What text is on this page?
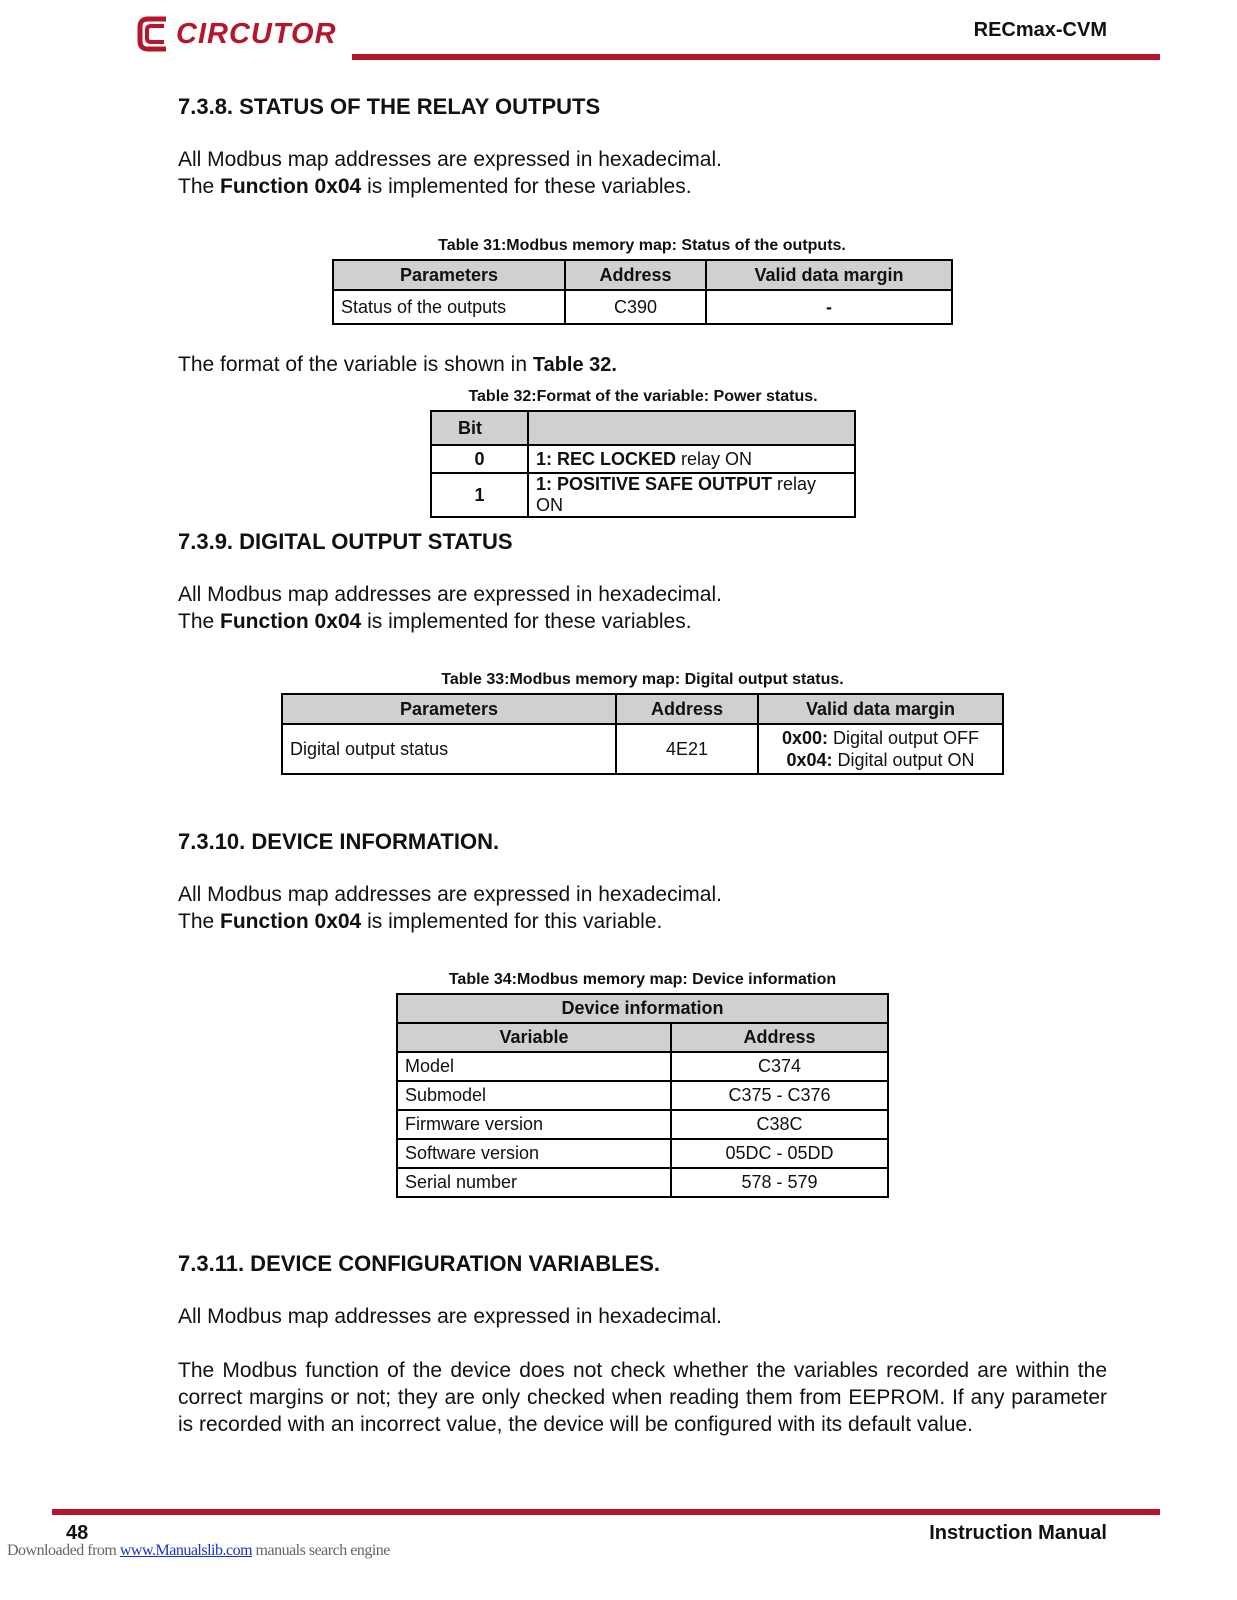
CIRCUTOR	RECmax-CVM
7.3.8. STATUS OF THE RELAY OUTPUTS
All Modbus map addresses are expressed in hexadecimal.
The Function 0x04 is implemented for these variables.
Table 31:Modbus memory map: Status of the outputs.
Parameters	Address	Valid data margin
Status of the outputs	C390	-
The format of the variable is shown in Table 32.
Table 32:Format of the variable: Power status.
Bit	
0	1: REC LOCKED relay ON
1	1: POSITIVE SAFE OUTPUT relay ON
7.3.9. DIGITAL OUTPUT STATUS
All Modbus map addresses are expressed in hexadecimal.
The Function 0x04 is implemented for these variables.
Table 33:Modbus memory map: Digital output status.
Parameters	Address	Valid data margin
Digital output status	4E21	0x00: Digital output OFF
0x04: Digital output ON
7.3.10. DEVICE INFORMATION.
All Modbus map addresses are expressed in hexadecimal.
The Function 0x04 is implemented for this variable.
Table 34:Modbus memory map: Device information
Device information	
Variable	Address
Model	C374
Submodel	C375 - C376
Firmware version	C38C
Software version	05DC - 05DD
Serial number	578 - 579
7.3.11. DEVICE CONFIGURATION VARIABLES.
All Modbus map addresses are expressed in hexadecimal.
The Modbus function of the device does not check whether the variables recorded are within the correct margins or not; they are only checked when reading them from EEPROM. If any parameter is recorded with an incorrect value, the device will be configured with its default value.
48	Instruction Manual
Downloaded from www.Manualslib.com manuals search engine
